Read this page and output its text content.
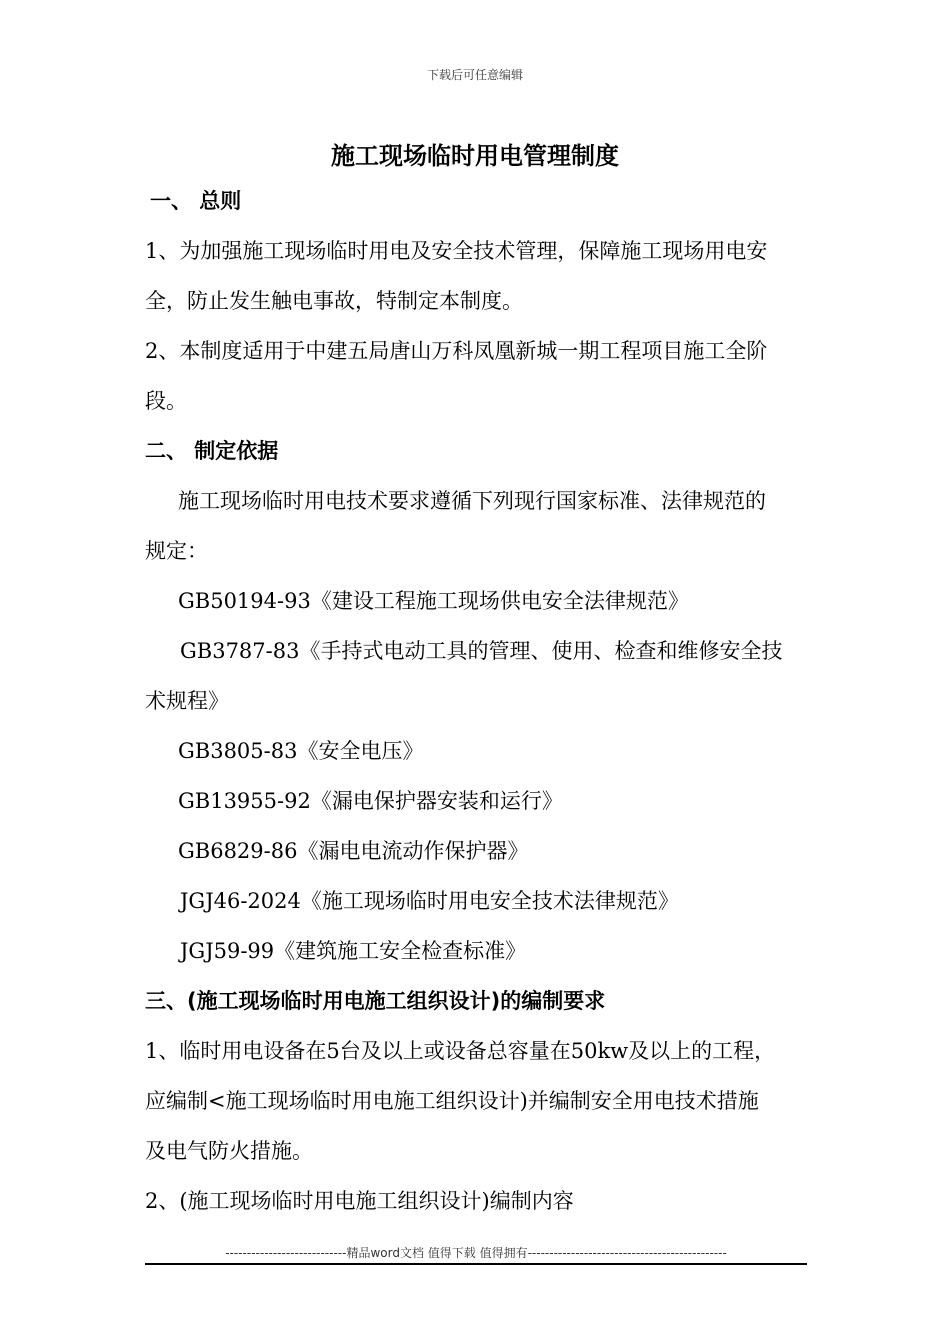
下载后可任意编辑
施工现场临时用电管理制度
一、 总则
1、为加强施工现场临时用电及安全技术管理，保障施工现场用电安
全，防止发生触电事故，特制定本制度。
2、本制度适用于中建五局唐山万科凤凰新城一期工程项目施工全阶
段。
二、 制定依据
施工现场临时用电技术要求遵循下列现行国家标准、法律规范的
规定：
GB50194-93《建设工程施工现场供电安全法律规范》
GB3787-83《手持式电动工具的管理、使用、检查和维修安全技
术规程》
GB3805-83《安全电压》
GB13955-92《漏电保护器安装和运行》
GB6829-86《漏电电流动作保护器》
JGJ46-2024《施工现场临时用电安全技术法律规范》
JGJ59-99《建筑施工安全检查标准》
三、(施工现场临时用电施工组织设计)的编制要求
1、临时用电设备在5台及以上或设备总容量在50kw及以上的工程，
应编制<施工现场临时用电施工组织设计)并编制安全用电技术措施
及电气防火措施。
2、(施工现场临时用电施工组织设计)编制内容
----------------------------精品word文档 值得下载 值得拥有----------------------------------------------
